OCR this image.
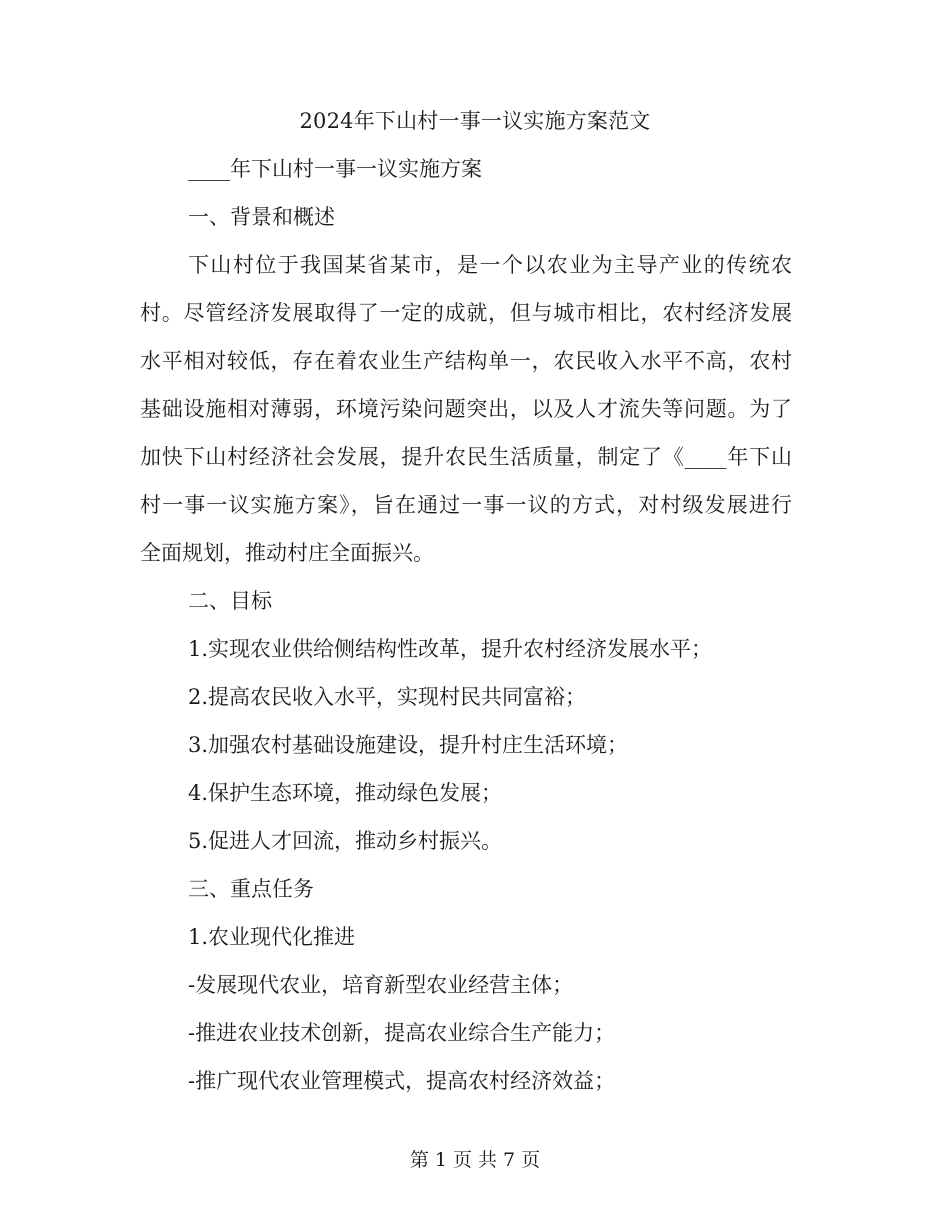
2024年下山村一事一议实施方案范文
____年下山村一事一议实施方案
一、背景和概述
下山村位于我国某省某市，是一个以农业为主导产业的传统农
村。尽管经济发展取得了一定的成就，但与城市相比，农村经济发展
水平相对较低，存在着农业生产结构单一，农民收入水平不高，农村
基础设施相对薄弱，环境污染问题突出，以及人才流失等问题。为了
加快下山村经济社会发展，提升农民生活质量，制定了《____年下山
村一事一议实施方案》，旨在通过一事一议的方式，对村级发展进行
全面规划，推动村庄全面振兴。
二、目标
1.实现农业供给侧结构性改革，提升农村经济发展水平；
2.提高农民收入水平，实现村民共同富裕；
3.加强农村基础设施建设，提升村庄生活环境；
4.保护生态环境，推动绿色发展；
5.促进人才回流，推动乡村振兴。
三、重点任务
1.农业现代化推进
-发展现代农业，培育新型农业经营主体；
-推进农业技术创新，提高农业综合生产能力；
-推广现代农业管理模式，提高农村经济效益；
第 1 页 共 7 页
